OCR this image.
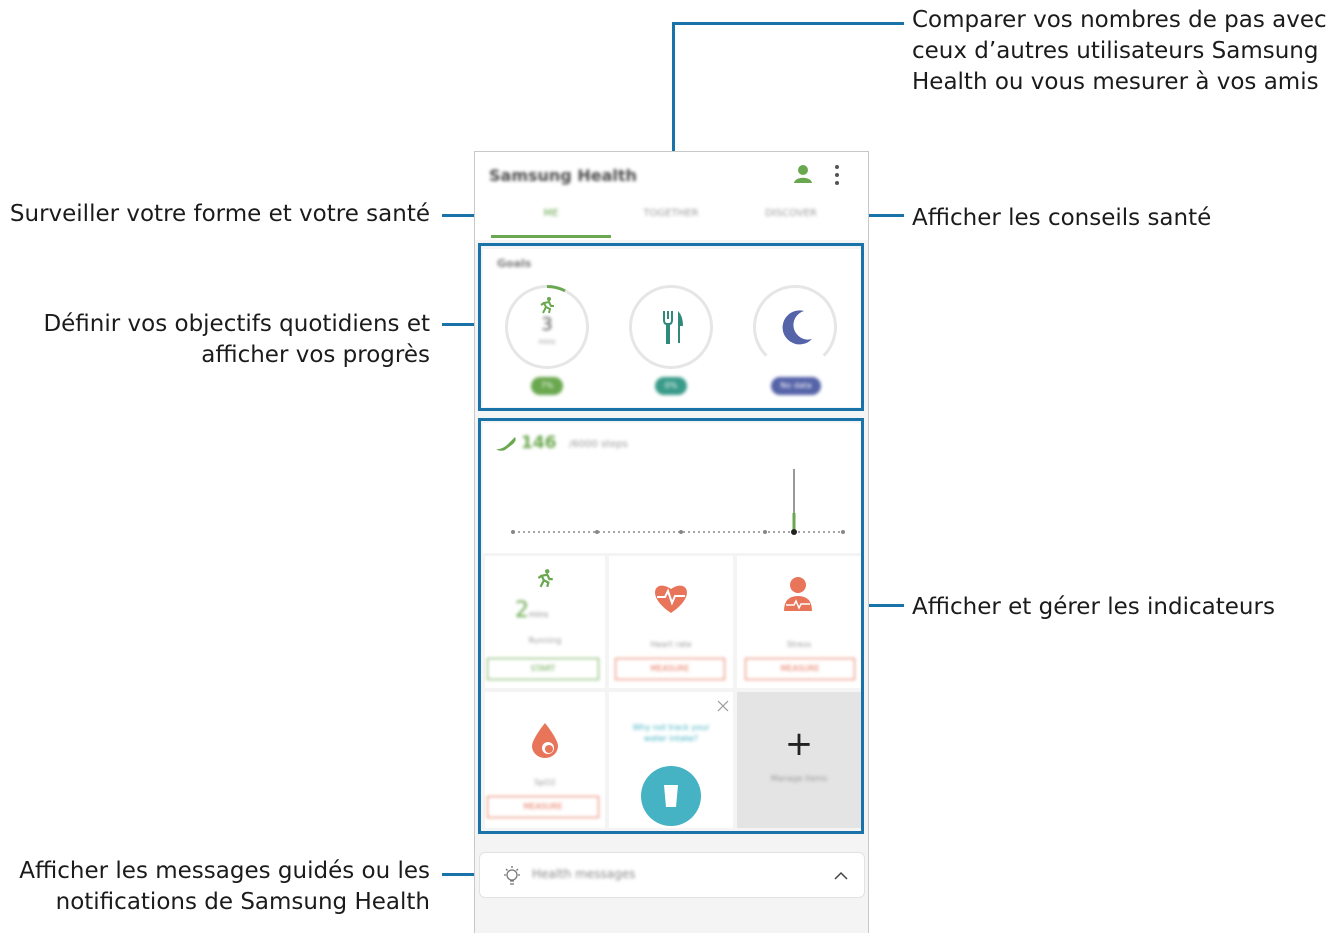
Comparer vos nombres de pas avec
ceux d’autres utilisateurs Samsung
Health ou vous mesurer à vos amis

Surveiller votre forme et votre santé	Afficher les conseils santé

Définir vos objectifs quotidiens et
afficher vos progrès

Afficher et gérer les indicateurs

Afficher les messages guidés ou les
notifications de Samsung Health

Samsung Health
ME	TOGETHER	DISCOVER
Goals
3
mins
7%	0%	No data
146 /6000 steps
2mins
Running
START
Heart rate
MEASURE
Stress
MEASURE
SpO2
MEASURE
Why not track your water intake?	+
Manage items
Health messages
